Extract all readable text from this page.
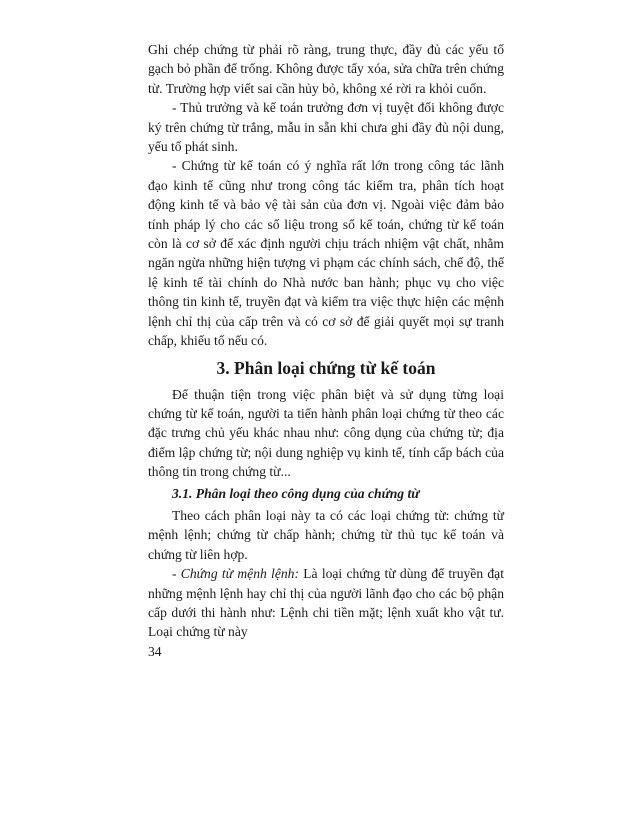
Ghi chép chứng từ phải rõ ràng, trung thực, đầy đủ các yếu tố gạch bỏ phần để trống. Không được tẩy xóa, sửa chữa trên chứng từ. Trường hợp viết sai cần hủy bỏ, không xé rời ra khỏi cuốn.

- Thủ trưởng và kế toán trưởng đơn vị tuyệt đối không được ký trên chứng từ trắng, mẫu in sẵn khi chưa ghi đầy đủ nội dung, yếu tố phát sinh.

- Chứng từ kế toán có ý nghĩa rất lớn trong công tác lãnh đạo kinh tế cũng như trong công tác kiểm tra, phân tích hoạt động kinh tế và bảo vệ tài sản của đơn vị. Ngoài việc đảm bảo tính pháp lý cho các số liệu trong sổ kế toán, chứng từ kế toán còn là cơ sở để xác định người chịu trách nhiệm vật chất, nhằm ngăn ngừa những hiện tượng vi phạm các chính sách, chế độ, thể lệ kinh tế tài chính do Nhà nước ban hành; phục vụ cho việc thông tin kinh tế, truyền đạt và kiểm tra việc thực hiện các mệnh lệnh chỉ thị của cấp trên và có cơ sở để giải quyết mọi sự tranh chấp, khiếu tố nếu có.

3. Phân loại chứng từ kế toán

Để thuận tiện trong việc phân biệt và sử dụng từng loại chứng từ kế toán, người ta tiến hành phân loại chứng từ theo các đặc trưng chủ yếu khác nhau như: công dụng của chứng từ; địa điểm lập chứng từ; nội dung nghiệp vụ kinh tế, tính cấp bách của thông tin trong chứng từ...

3.1. Phân loại theo công dụng của chứng từ

Theo cách phân loại này ta có các loại chứng từ: chứng từ mệnh lệnh; chứng từ chấp hành; chứng từ thủ tục kế toán và chứng từ liên hợp.

- Chứng từ mệnh lệnh: Là loại chứng từ dùng để truyền đạt những mệnh lệnh hay chỉ thị của người lãnh đạo cho các bộ phận cấp dưới thi hành như: Lệnh chi tiền mặt; lệnh xuất kho vật tư. Loại chứng từ này

34
